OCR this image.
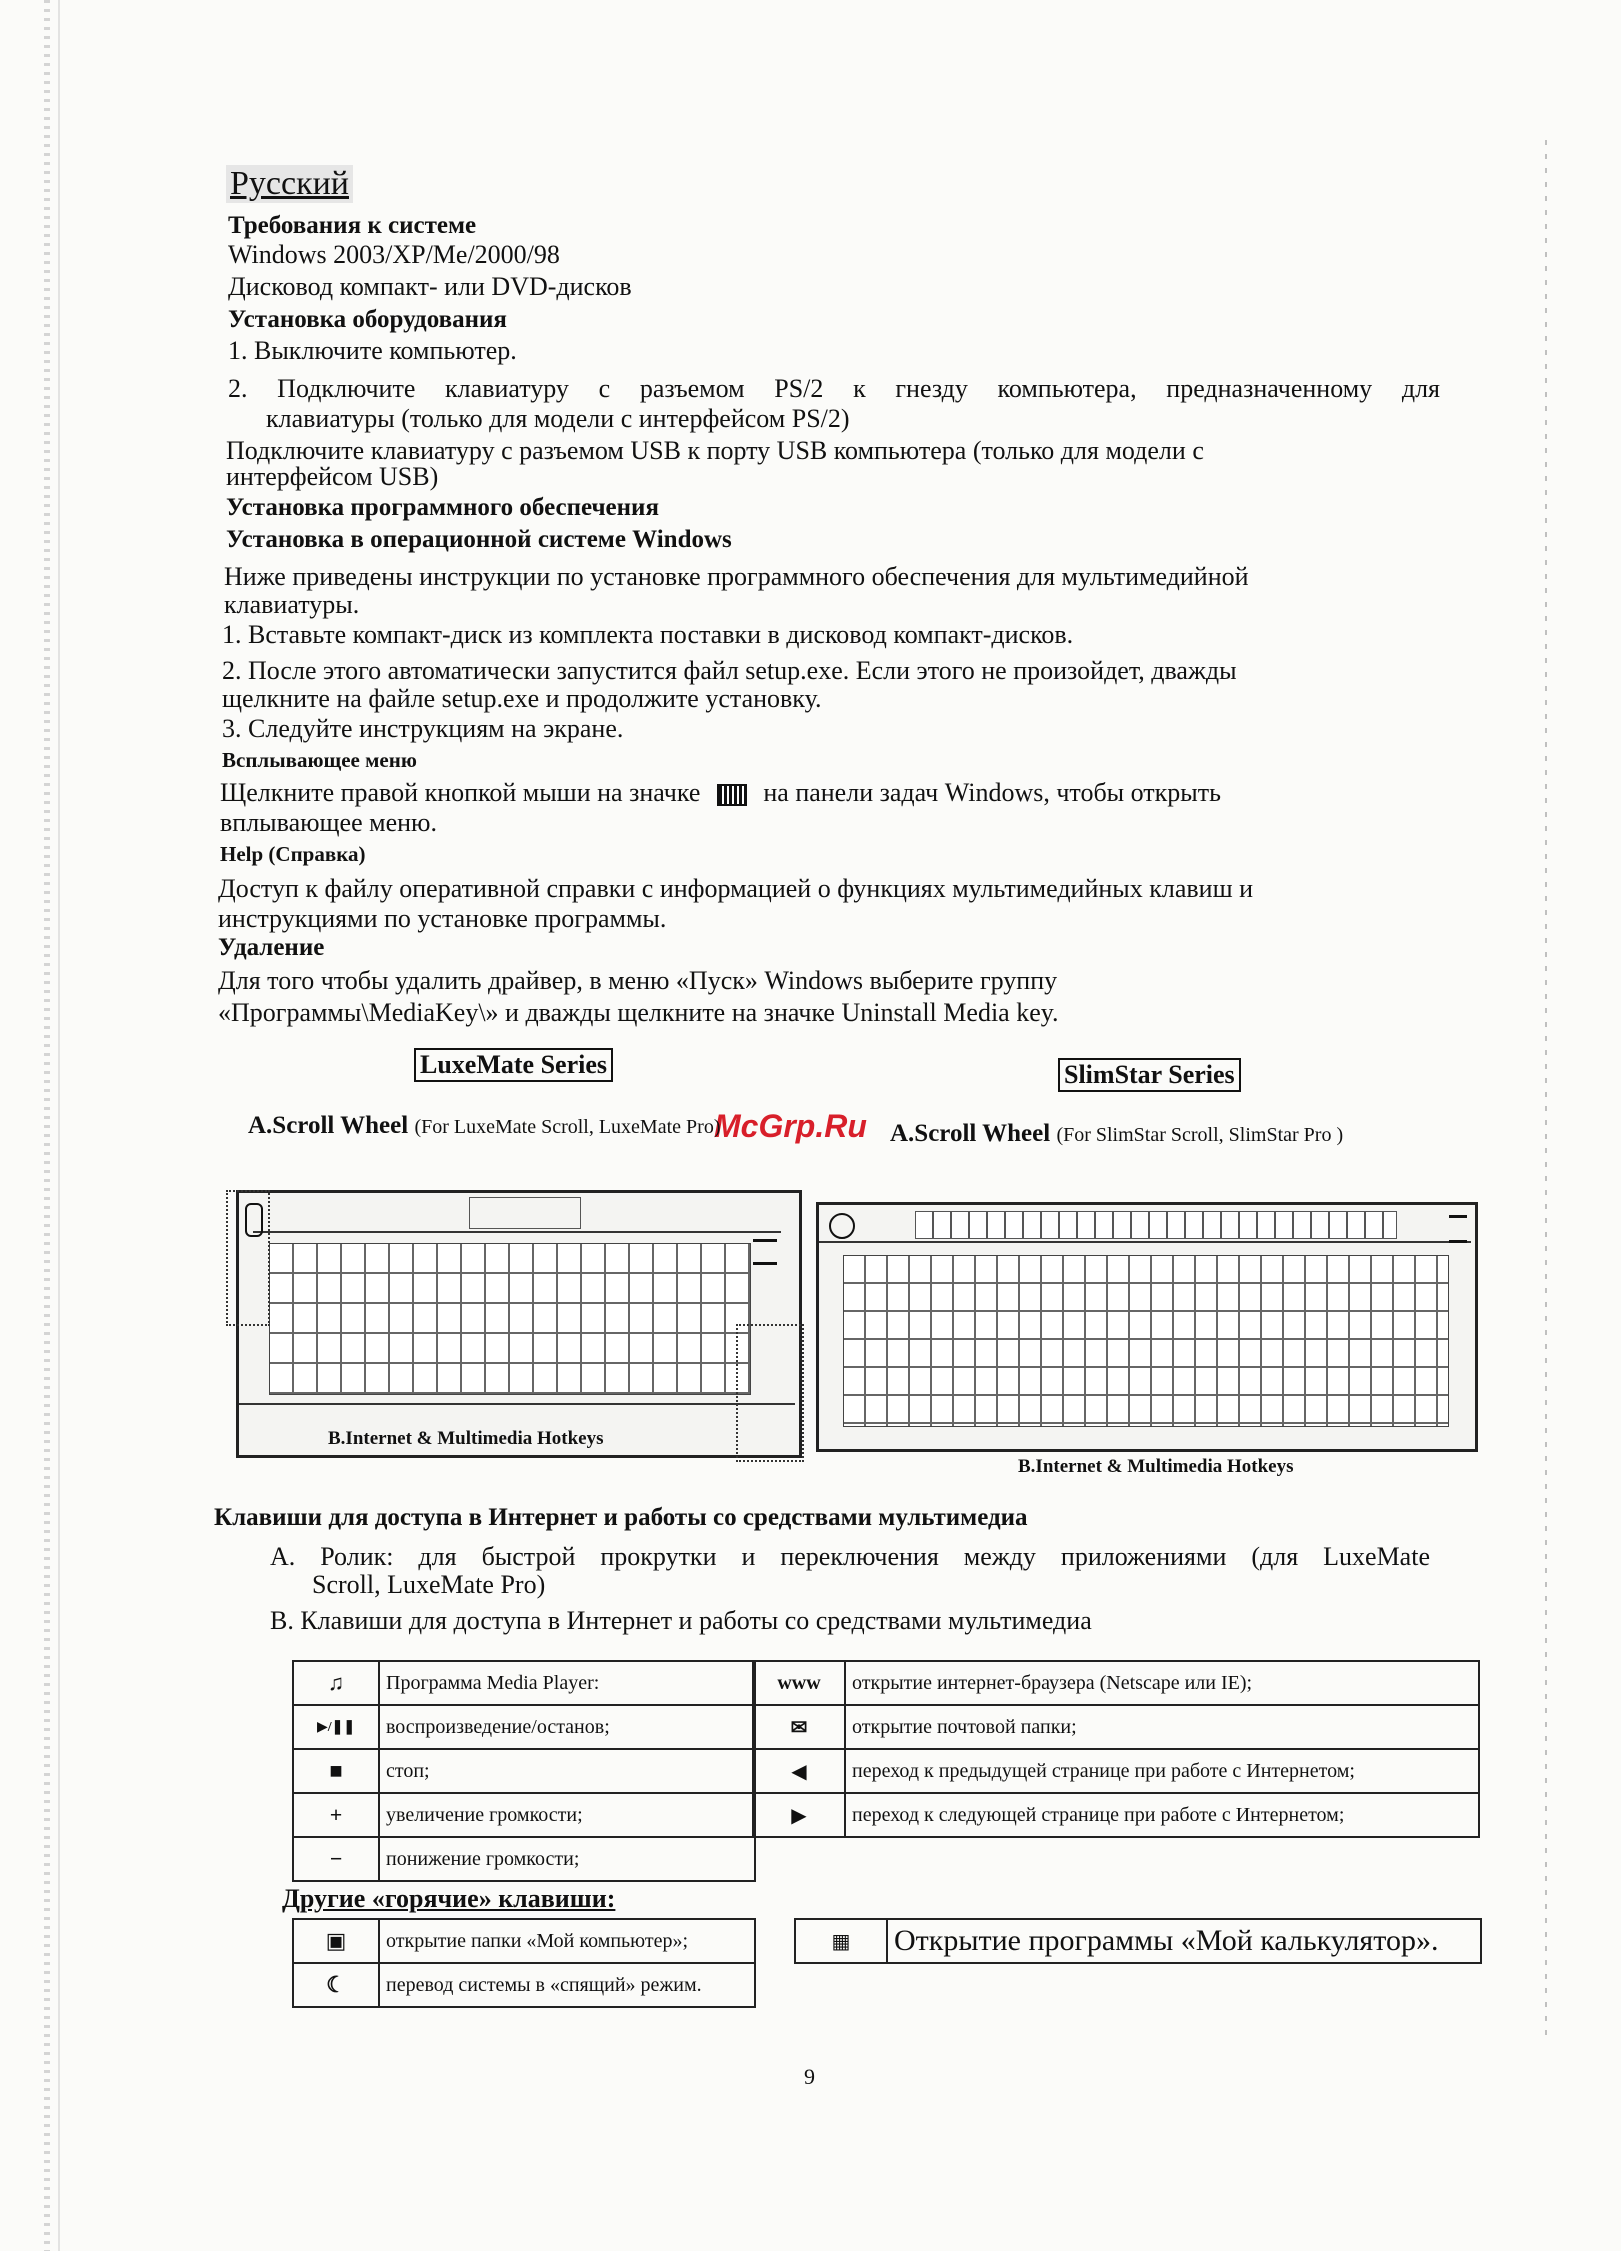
Русский
Требования к системе
Windows 2003/XP/Me/2000/98
Дисковод компакт- или DVD-дисков
Установка оборудования
1. Выключите компьютер.
2. Подключите клавиатуру с разъемом PS/2 к гнезду компьютера, предназначенному для
клавиатуры (только для модели с интерфейсом PS/2)
Подключите клавиатуру с разъемом USB к порту USB компьютера (только для модели с
интерфейсом USB)
Установка программного обеспечения
Установка в операционной системе Windows
Ниже приведены инструкции по установке программного обеспечения для мультимедийной
клавиатуры.
1. Вставьте компакт-диск из комплекта поставки в дисковод компакт-дисков.
2. После этого автоматически запустится файл setup.exe. Если этого не произойдет, дважды
щелкните на файле setup.exe и продолжите установку.
3. Следуйте инструкциям на экране.
Всплывающее меню
Щелкните правой кнопкой мыши на значке на панели задач Windows, чтобы открыть
вплывающее меню.
Help (Справка)
Доступ к файлу оперативной справки с информацией о функциях мультимедийных клавиш и
инструкциями по установке программы.
Удаление
Для того чтобы удалить драйвер, в меню «Пуск» Windows выберите группу
«Программы\MediaKey\» и дважды щелкните на значке Uninstall Media key.
LuxeMate Series	SlimStar Series
McGrp.Ru
A.Scroll Wheel (For LuxeMate Scroll, LuxeMate Pro)	A.Scroll Wheel (For SlimStar Scroll, SlimStar Pro )
B.Internet & Multimedia Hotkeys
B.Internet & Multimedia Hotkeys
Клавиши для доступа в Интернет и работы со средствами мультимедиа
A. Ролик: для быстрой прокрутки и переключения между приложениями (для LuxeMate
Scroll, LuxeMate Pro)
B. Клавиши для доступа в Интернет и работы со средствами мультимедиа
♫	Программа Media Player:
▶/❚❚	воспроизведение/останов;
■	стоп;
+	увеличение громкости;
−	понижение громкости;
www	открытие интернет-браузера (Netscape или IE);
✉	открытие почтовой папки;
◀	переход к предыдущей странице при работе с Интернетом;
▶	переход к следующей странице при работе с Интернетом;
Другие «горячие» клавиши:
▣	открытие папки «Мой компьютер»;
☾	перевод системы в «спящий» режим.
▦	Открытие программы «Мой калькулятор».
9
